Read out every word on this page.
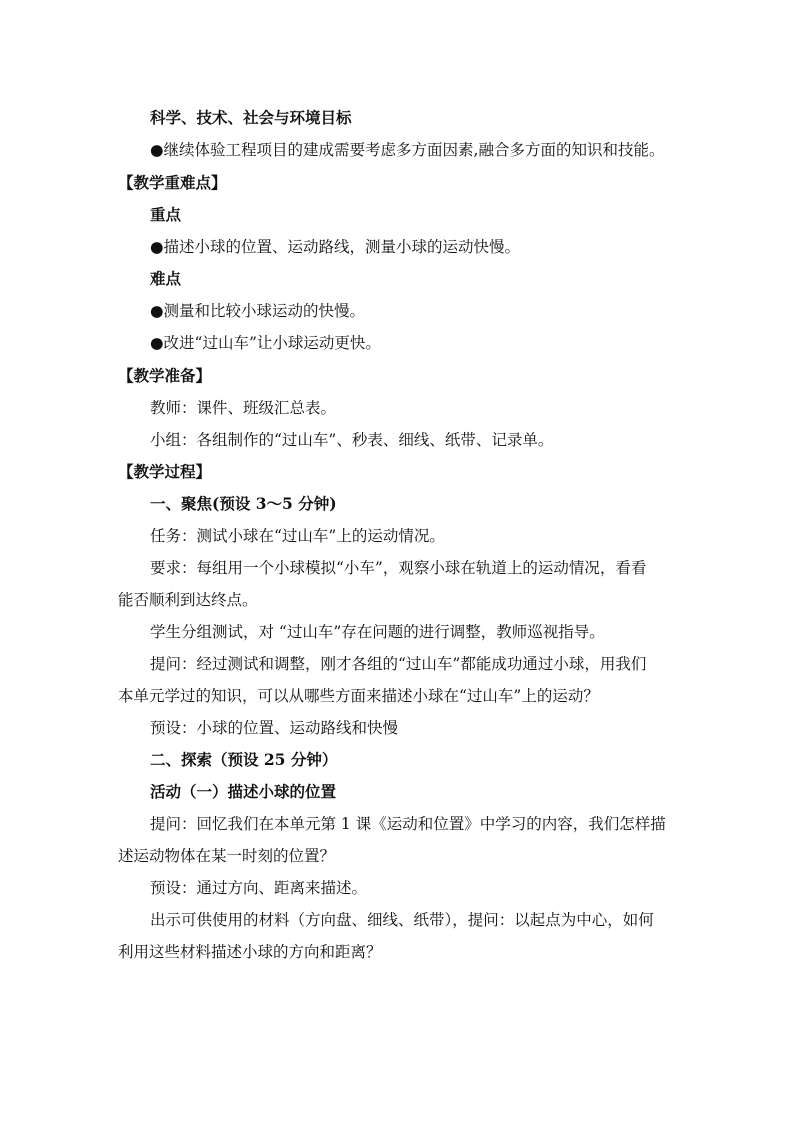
科学、技术、社会与环境目标
●继续体验工程项目的建成需要考虑多方面因素,融合多方面的知识和技能。
【教学重难点】
重点
●描述小球的位置、运动路线，测量小球的运动快慢。
难点
●测量和比较小球运动的快慢。
●改进“过山车”让小球运动更快。
【教学准备】
教师：课件、班级汇总表。
小组：各组制作的“过山车”、秒表、细线、纸带、记录单。
【教学过程】
一、聚焦(预设 3～5 分钟)
任务：测试小球在“过山车”上的运动情况。
要求：每组用一个小球模拟“小车”，观察小球在轨道上的运动情况，看看
能否顺利到达终点。
学生分组测试，对 “过山车”存在问题的进行调整，教师巡视指导。
提问：经过测试和调整，刚才各组的“过山车”都能成功通过小球，用我们
本单元学过的知识，可以从哪些方面来描述小球在“过山车”上的运动？
预设：小球的位置、运动路线和快慢
二、探索（预设 25 分钟）
活动（一）描述小球的位置
提问：回忆我们在本单元第 1 课《运动和位置》中学习的内容，我们怎样描
述运动物体在某一时刻的位置？
预设：通过方向、距离来描述。
出示可供使用的材料（方向盘、细线、纸带），提问：以起点为中心，如何
利用这些材料描述小球的方向和距离？
